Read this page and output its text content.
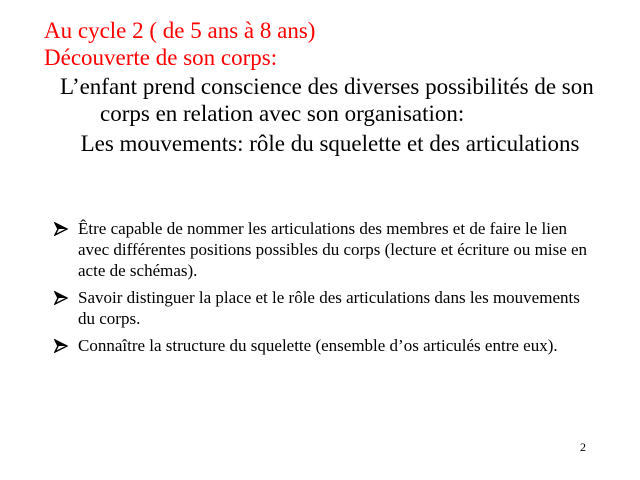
Au cycle 2 ( de 5 ans à 8 ans)
Découverte de son corps:

L’enfant prend conscience des diverses possibilités de son corps en relation avec son organisation:

Les mouvements: rôle du squelette et des articulations
Être capable de nommer les articulations des membres et de faire le lien avec différentes positions possibles du corps (lecture et écriture ou mise en acte de schémas).
Savoir distinguer la place et le rôle des articulations dans les mouvements du corps.
Connaître la structure du squelette (ensemble d’os articulés entre eux).
2
